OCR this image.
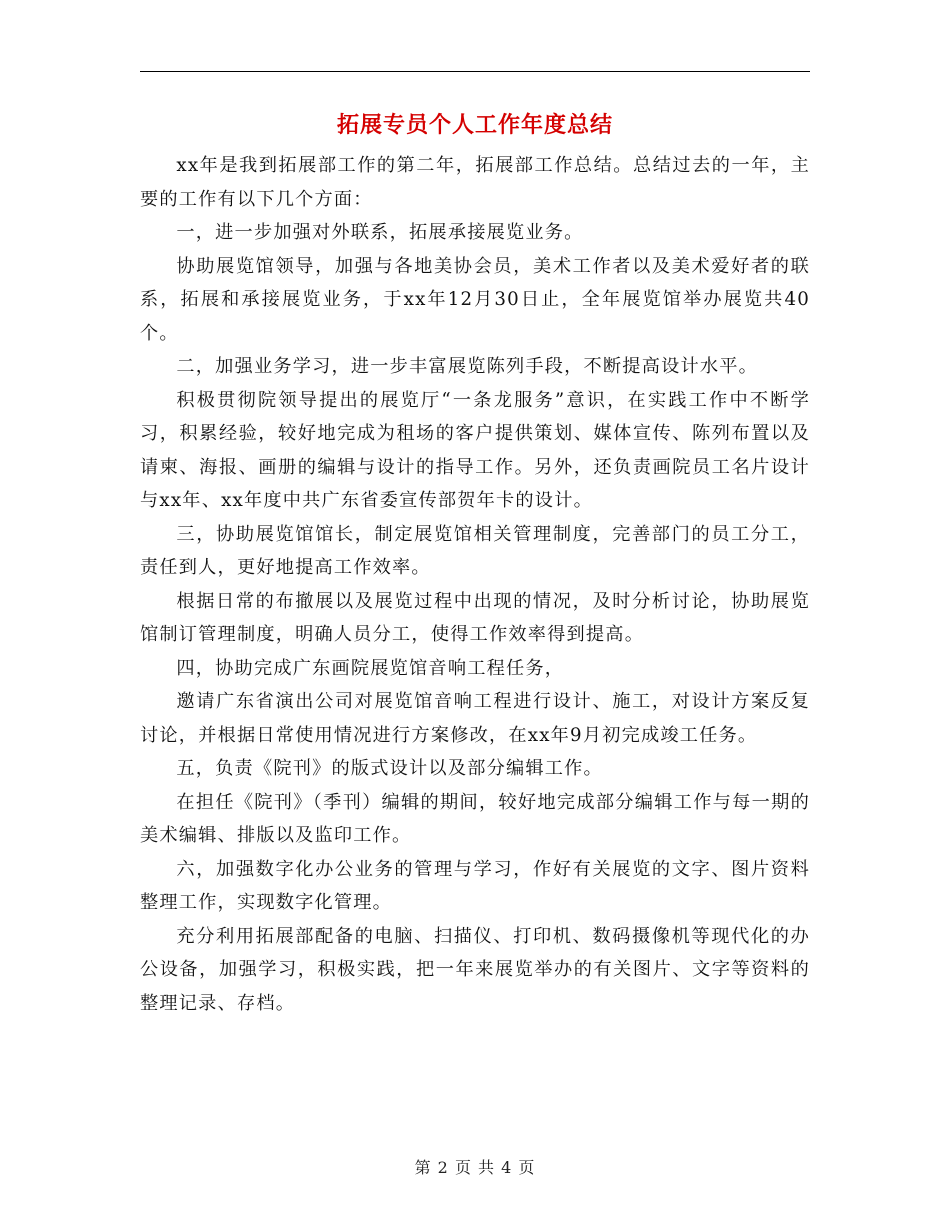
拓展专员个人工作年度总结

xx年是我到拓展部工作的第二年，拓展部工作总结。总结过去的一年，主要的工作有以下几个方面：

一，进一步加强对外联系，拓展承接展览业务。

协助展览馆领导，加强与各地美协会员，美术工作者以及美术爱好者的联系，拓展和承接展览业务，于xx年12月30日止，全年展览馆举办展览共40个。

二，加强业务学习，进一步丰富展览陈列手段，不断提高设计水平。

积极贯彻院领导提出的展览厅“一条龙服务”意识，在实践工作中不断学习，积累经验，较好地完成为租场的客户提供策划、媒体宣传、陈列布置以及请柬、海报、画册的编辑与设计的指导工作。另外，还负责画院员工名片设计与xx年、xx年度中共广东省委宣传部贺年卡的设计。

三，协助展览馆馆长，制定展览馆相关管理制度，完善部门的员工分工，责任到人，更好地提高工作效率。

根据日常的布撤展以及展览过程中出现的情况，及时分析讨论，协助展览馆制订管理制度，明确人员分工，使得工作效率得到提高。

四，协助完成广东画院展览馆音响工程任务，

邀请广东省演出公司对展览馆音响工程进行设计、施工，对设计方案反复讨论，并根据日常使用情况进行方案修改，在xx年9月初完成竣工任务。

五，负责《院刊》的版式设计以及部分编辑工作。

在担任《院刊》（季刊）编辑的期间，较好地完成部分编辑工作与每一期的美术编辑、排版以及监印工作。

六，加强数字化办公业务的管理与学习，作好有关展览的文字、图片资料整理工作，实现数字化管理。

充分利用拓展部配备的电脑、扫描仪、打印机、数码摄像机等现代化的办公设备，加强学习，积极实践，把一年来展览举办的有关图片、文字等资料的整理记录、存档。

第 2 页 共 4 页
